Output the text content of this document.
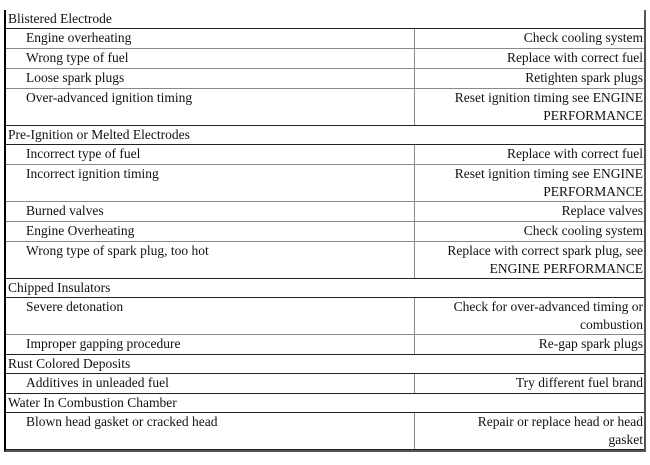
Blistered Electrode
Engine overheating	Check cooling system
Wrong type of fuel	Replace with correct fuel
Loose spark plugs	Retighten spark plugs
Over-advanced ignition timing	Reset ignition timing see ENGINE PERFORMANCE
Pre-Ignition or Melted Electrodes
Incorrect type of fuel	Replace with correct fuel
Incorrect ignition timing	Reset ignition timing see ENGINE PERFORMANCE
Burned valves	Replace valves
Engine Overheating	Check cooling system
Wrong type of spark plug, too hot	Replace with correct spark plug, see ENGINE PERFORMANCE
Chipped Insulators
Severe detonation	Check for over-advanced timing or combustion
Improper gapping procedure	Re-gap spark plugs
Rust Colored Deposits
Additives in unleaded fuel	Try different fuel brand
Water In Combustion Chamber
Blown head gasket or cracked head	Repair or replace head or head gasket
